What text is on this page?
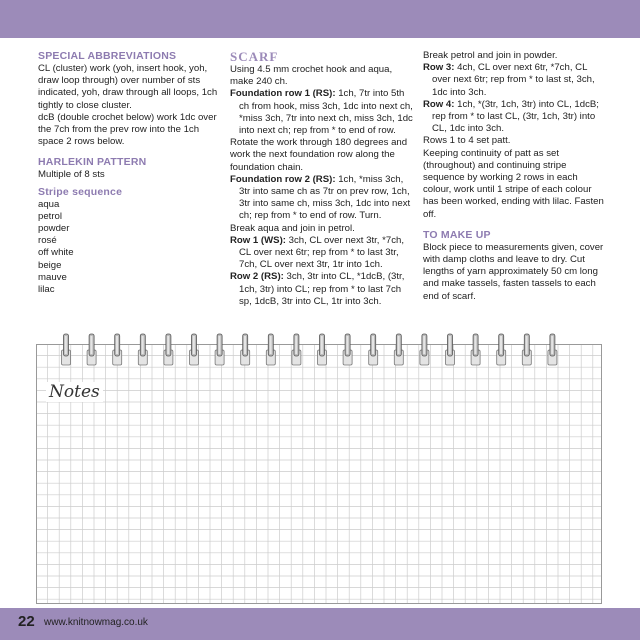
SPECIAL ABBREVIATIONS

CL (cluster) work (yoh, insert hook, yoh, draw loop through) over number of sts indicated, yoh, draw through all loops, 1ch tightly to close cluster.

dcB (double crochet below) work 1dc over the 7ch from the prev row into the 1ch space 2 rows below.

HARLEKIN PATTERN

Multiple of 8 sts

Stripe sequence

aqua

petrol

powder

rosé

off white

beige

mauve

lilac

SCARF

Using 4.5 mm crochet hook and aqua, make 240 ch.

Foundation row 1 (RS): 1ch, 7tr into 5th ch from hook, miss 3ch, 1dc into next ch, *miss 3ch, 7tr into next ch, miss 3ch, 1dc into next ch; rep from * to end of row.

Rotate the work through 180 degrees and work the next foundation row along the foundation chain.

Foundation row 2 (RS): 1ch, *miss 3ch, 3tr into same ch as 7tr on prev row, 1ch, 3tr into same ch, miss 3ch, 1dc into next ch; rep from * to end of row. Turn.

Break aqua and join in petrol.

Row 1 (WS): 3ch, CL over next 3tr, *7ch, CL over next 6tr; rep from * to last 3tr, 7ch, CL over next 3tr, 1tr into 1ch.

Row 2 (RS): 3ch, 3tr into CL, *1dcB, (3tr, 1ch, 3tr) into CL; rep from * to last 7ch sp, 1dcB, 3tr into CL, 1tr into 3ch.

Break petrol and join in powder.

Row 3: 4ch, CL over next 6tr, *7ch, CL over next 6tr; rep from * to last st, 3ch, 1dc into 3ch.

Row 4: 1ch, *(3tr, 1ch, 3tr) into CL, 1dcB; rep from * to last CL, (3tr, 1ch, 3tr) into CL, 1dc into 3ch.

Rows 1 to 4 set patt.

Keeping continuity of patt as set (throughout) and continuing stripe sequence by working 2 rows in each colour, work until 1 stripe of each colour has been worked, ending with lilac. Fasten off.

TO MAKE UP

Block piece to measurements given, cover with damp cloths and leave to dry. Cut lengths of yarn approximately 50 cm long and make tassels, fasten tassels to each end of scarf.

Notes
22 www.knitnowmag.co.uk
